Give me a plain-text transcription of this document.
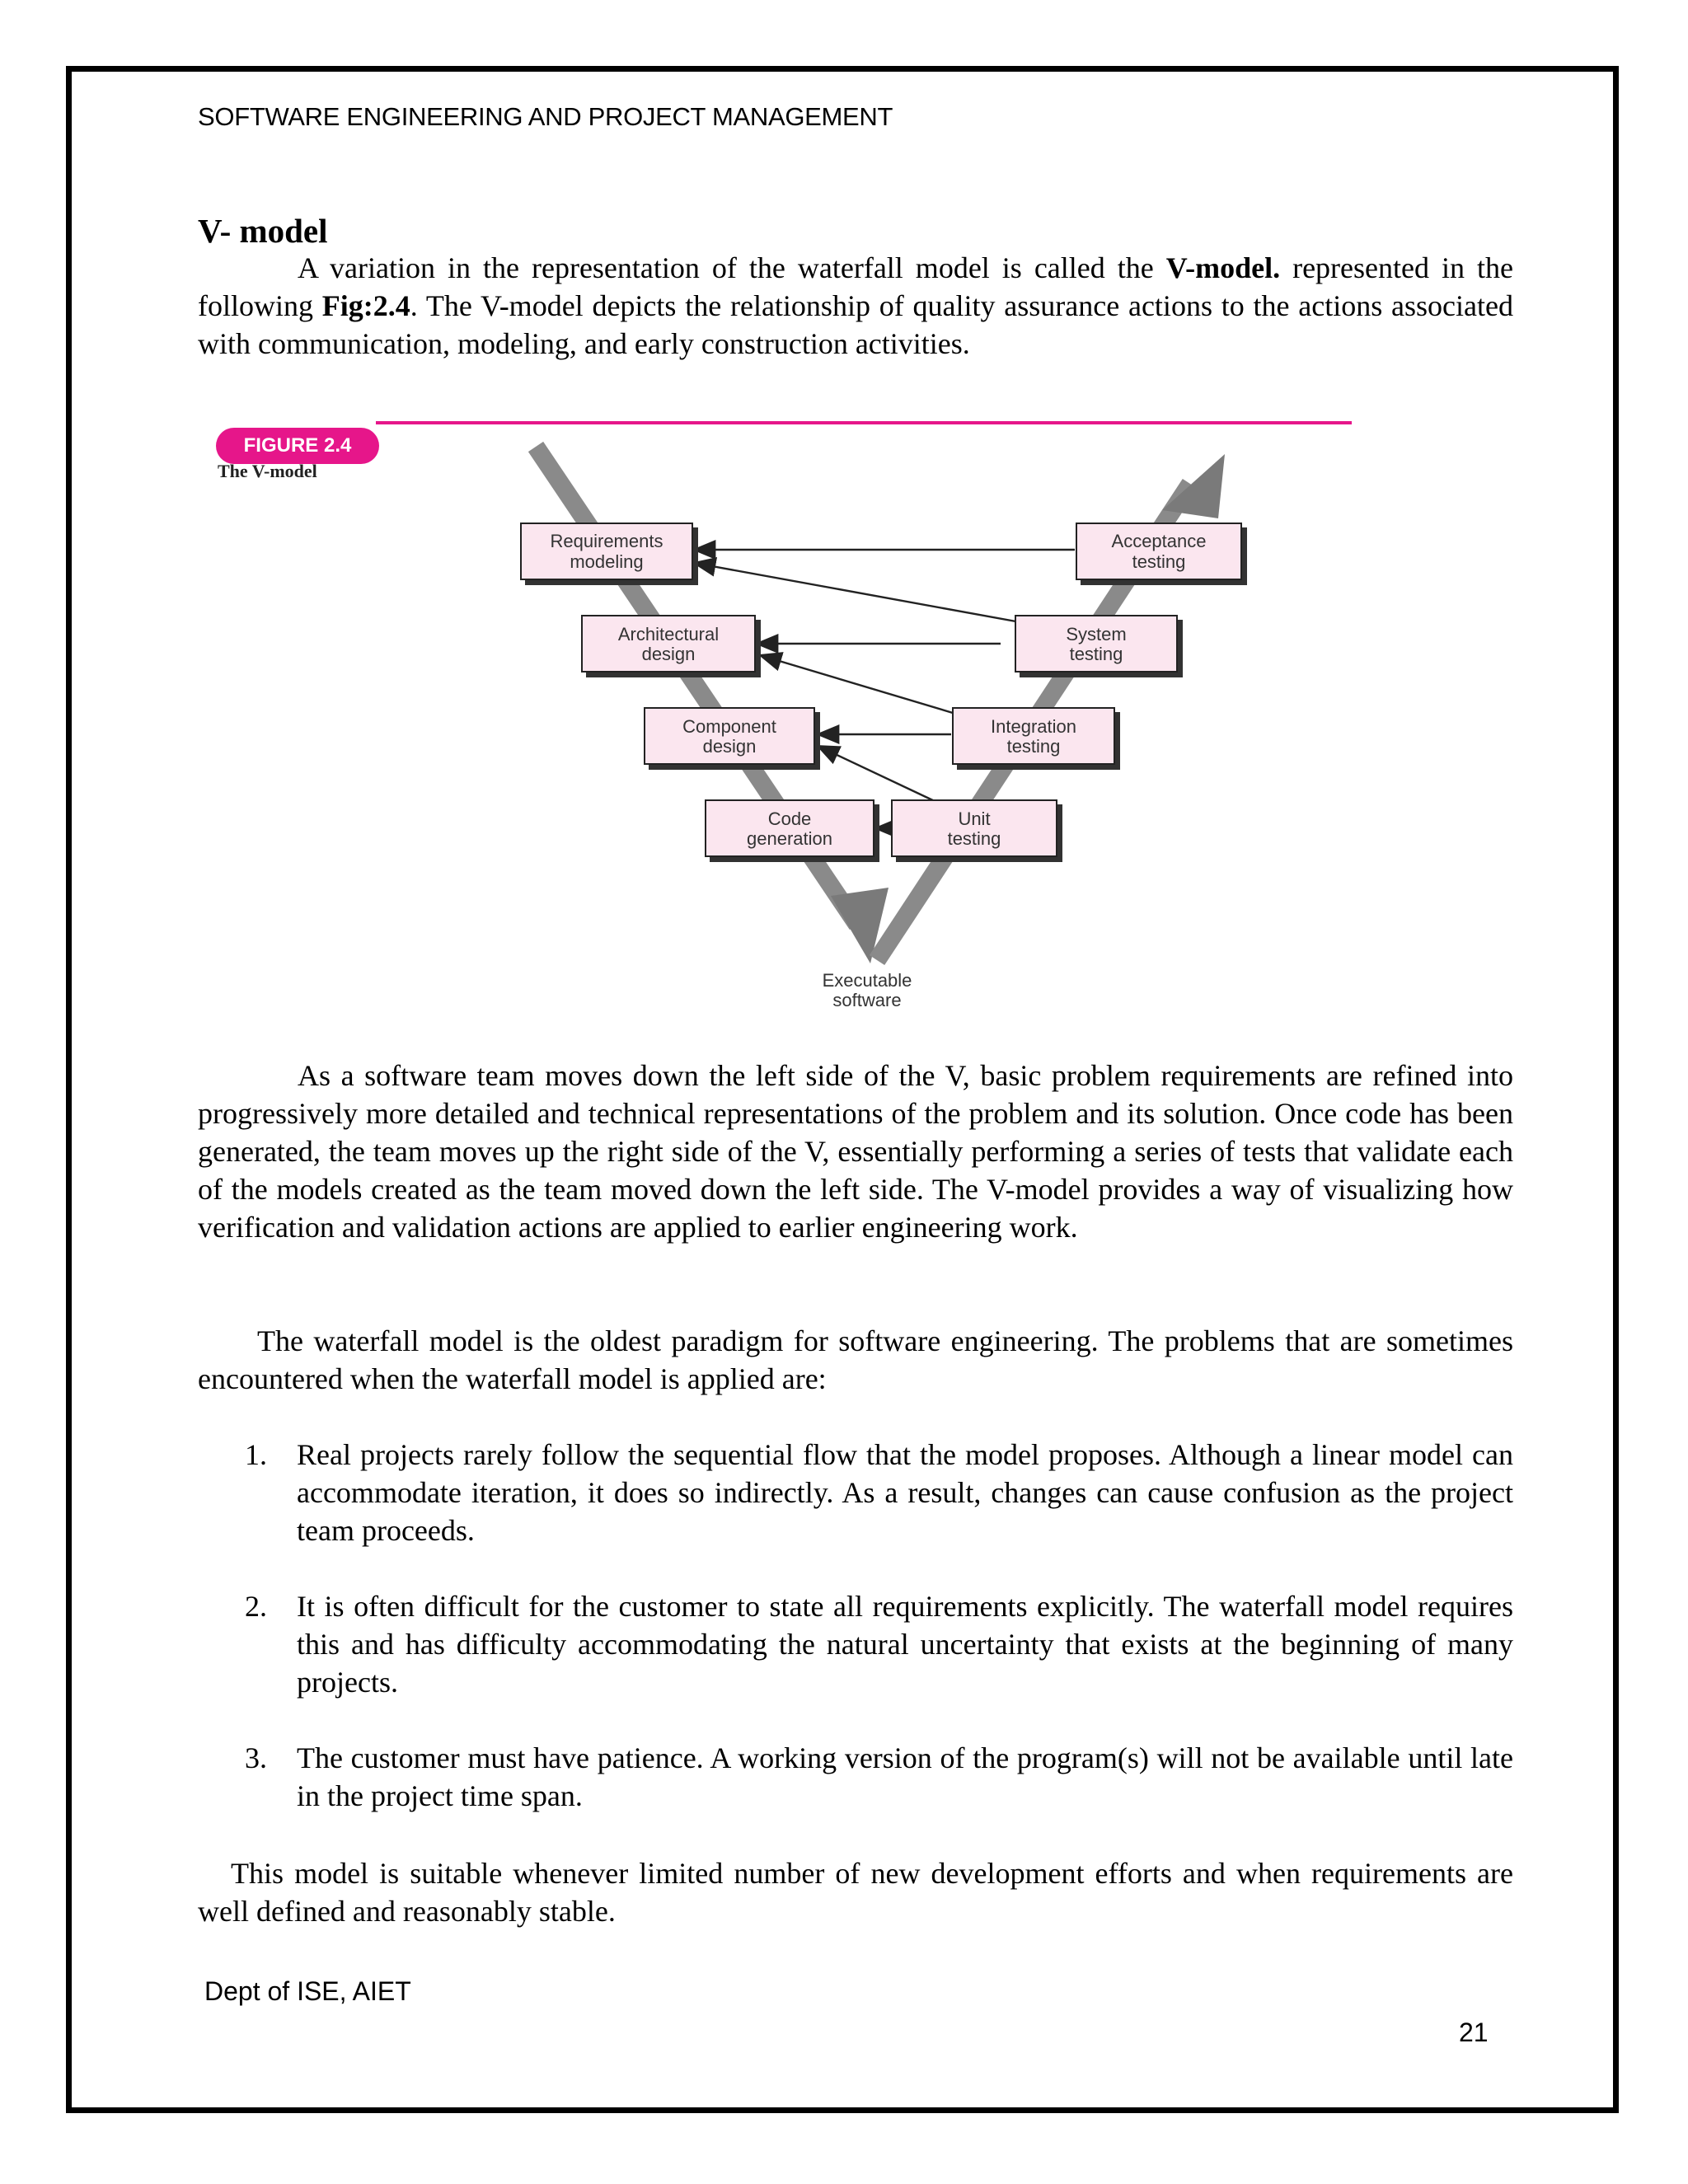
SOFTWARE ENGINEERING AND PROJECT MANAGEMENT
V- model

A variation in the representation of the waterfall model is called the V-model. represented in the following Fig:2.4. The V-model depicts the relationship of quality assurance actions to the actions associated with communication, modeling, and early construction activities.

Requirements
modeling
Architectural
design
Component
design
Code
generation
Acceptance
testing
System
testing
Integration
testing
Unit
testing
Executable
software
FIGURE 2.4
The V-model

As a software team moves down the left side of the V, basic problem requirements are refined into progressively more detailed and technical representations of the problem and its solution. Once code has been generated, the team moves up the right side of the V, essentially performing a series of tests that validate each of the models created as the team moved down the left side. The V-model provides a way of visualizing how verification and validation actions are applied to earlier engineering work.

The waterfall model is the oldest paradigm for software engineering. The problems that are sometimes encountered when the waterfall model is applied are:

1. Real projects rarely follow the sequential flow that the model proposes. Although a linear model can accommodate iteration, it does so indirectly. As a result, changes can cause confusion as the project team proceeds.
2. It is often difficult for the customer to state all requirements explicitly. The waterfall model requires this and has difficulty accommodating the natural uncertainty that exists at the beginning of many projects.
3. The customer must have patience. A working version of the program(s) will not be available until late in the project time span.

This model is suitable whenever limited number of new development efforts and when requirements are well defined and reasonably stable.

Dept of ISE, AIET
21
